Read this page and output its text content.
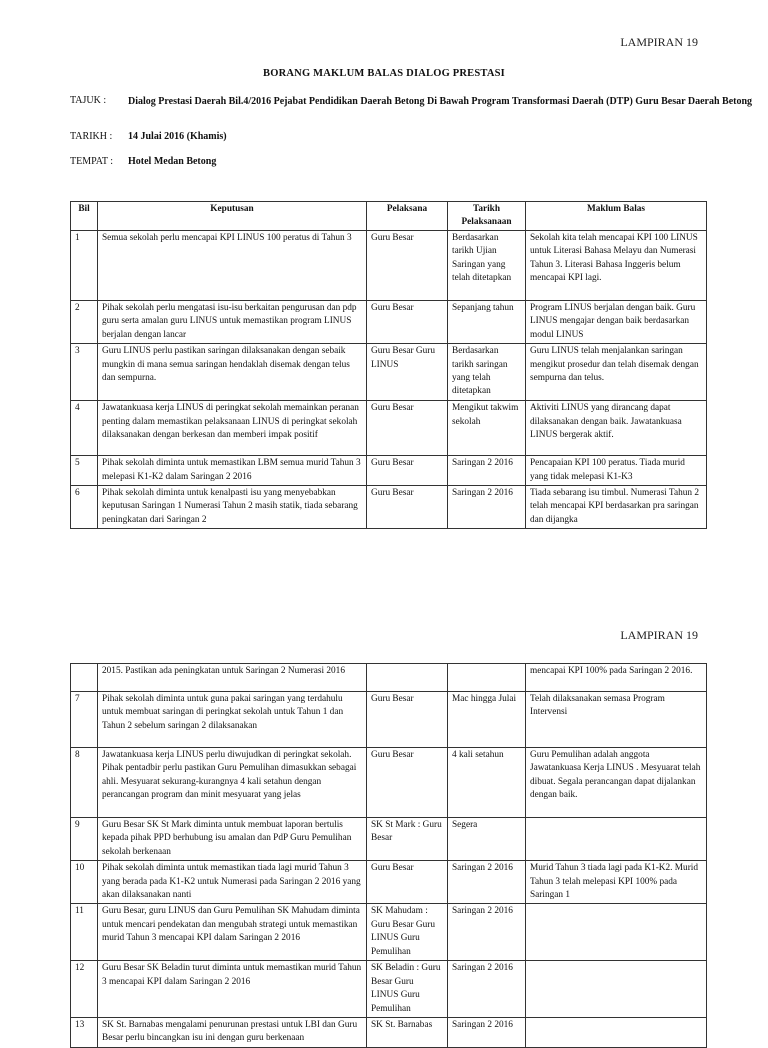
LAMPIRAN 19
BORANG MAKLUM BALAS DIALOG PRESTASI
TAJUK : Dialog Prestasi Daerah Bil.4/2016 Pejabat Pendidikan Daerah Betong Di Bawah Program Transformasi Daerah (DTP) Guru Besar Daerah Betong
TARIKH : 14 Julai 2016 (Khamis)
TEMPAT : Hotel Medan Betong
Bil	Keputusan	Pelaksana	Tarikh Pelaksanaan	Maklum Balas
1	Semua sekolah perlu mencapai KPI LINUS 100 peratus di Tahun 3	Guru Besar	Berdasarkan tarikh Ujian Saringan yang telah ditetapkan	Sekolah kita telah mencapai KPI 100 LINUS untuk Literasi Bahasa Melayu dan Numerasi Tahun 3. Literasi Bahasa Inggeris belum mencapai KPI lagi.
2	Pihak sekolah perlu mengatasi isu-isu berkaitan pengurusan dan pdp guru serta amalan guru LINUS untuk memastikan program LINUS berjalan dengan lancar	Guru Besar	Sepanjang tahun	Program LINUS berjalan dengan baik. Guru LINUS mengajar dengan baik berdasarkan modul LINUS
3	Guru LINUS perlu pastikan saringan dilaksanakan dengan sebaik mungkin di mana semua saringan hendaklah disemak dengan telus dan sempurna.	Guru Besar Guru LINUS	Berdasarkan tarikh saringan yang telah ditetapkan	Guru LINUS telah menjalankan saringan mengikut prosedur dan telah disemak dengan sempurna dan telus.
4	Jawatankuasa kerja LINUS di peringkat sekolah memainkan peranan penting dalam memastikan pelaksanaan LINUS di peringkat sekolah dilaksanakan dengan berkesan dan memberi impak positif	Guru Besar	Mengikut takwim sekolah	Aktiviti LINUS yang dirancang dapat dilaksanakan dengan baik. Jawatankuasa LINUS bergerak aktif.
5	Pihak sekolah diminta untuk memastikan LBM semua murid Tahun 3 melepasi K1-K2 dalam Saringan 2 2016	Guru Besar	Saringan 2 2016	Pencapaian KPI 100 peratus. Tiada murid yang tidak melepasi K1-K3
6	Pihak sekolah diminta untuk kenalpasti isu yang menyebabkan keputusan Saringan 1 Numerasi Tahun 2 masih statik, tiada sebarang peningkatan dari Saringan 2	Guru Besar	Saringan 2 2016	Tiada sebarang isu timbul. Numerasi Tahun 2 telah mencapai KPI berdasarkan pra saringan dan dijangka
LAMPIRAN 19
	2015. Pastikan ada peningkatan untuk Saringan 2 Numerasi 2016			mencapai KPI 100% pada Saringan 2 2016.
7	Pihak sekolah diminta untuk guna pakai saringan yang terdahulu untuk membuat saringan di peringkat sekolah untuk Tahun 1 dan Tahun 2 sebelum saringan 2 dilaksanakan	Guru Besar	Mac hingga Julai	Telah dilaksanakan semasa Program Intervensi
8	Jawatankuasa kerja LINUS perlu diwujudkan di peringkat sekolah. Pihak pentadbir perlu pastikan Guru Pemulihan dimasukkan sebagai ahli. Mesyuarat sekurang-kurangnya 4 kali setahun dengan perancangan program dan minit mesyuarat yang jelas	Guru Besar	4 kali setahun	Guru Pemulihan adalah anggota Jawatankuasa Kerja LINUS . Mesyuarat telah dibuat. Segala perancangan dapat dijalankan dengan baik.
9	Guru Besar SK St Mark diminta untuk membuat laporan bertulis kepada pihak PPD berhubung isu amalan dan PdP Guru Pemulihan sekolah berkenaan	SK St Mark : Guru Besar	Segera	
10	Pihak sekolah diminta untuk memastikan tiada lagi murid Tahun 3 yang berada pada K1-K2 untuk Numerasi pada Saringan 2 2016 yang akan dilaksanakan nanti	Guru Besar	Saringan 2 2016	Murid Tahun 3 tiada lagi pada K1-K2. Murid Tahun 3 telah melepasi KPI 100% pada Saringan 1
11	Guru Besar, guru LINUS dan Guru Pemulihan SK Mahudam diminta untuk mencari pendekatan dan mengubah strategi untuk memastikan murid Tahun 3 mencapai KPI dalam Saringan 2 2016	SK Mahudam : Guru Besar Guru LINUS Guru Pemulihan	Saringan 2 2016	
12	Guru Besar SK Beladin turut diminta untuk memastikan murid Tahun 3 mencapai KPI dalam Saringan 2 2016	SK Beladin : Guru Besar Guru LINUS Guru Pemulihan	Saringan 2 2016	
13	SK St. Barnabas mengalami penurunan prestasi untuk LBI dan Guru Besar perlu bincangkan isu ini dengan guru berkenaan	SK St. Barnabas	Saringan 2 2016	
